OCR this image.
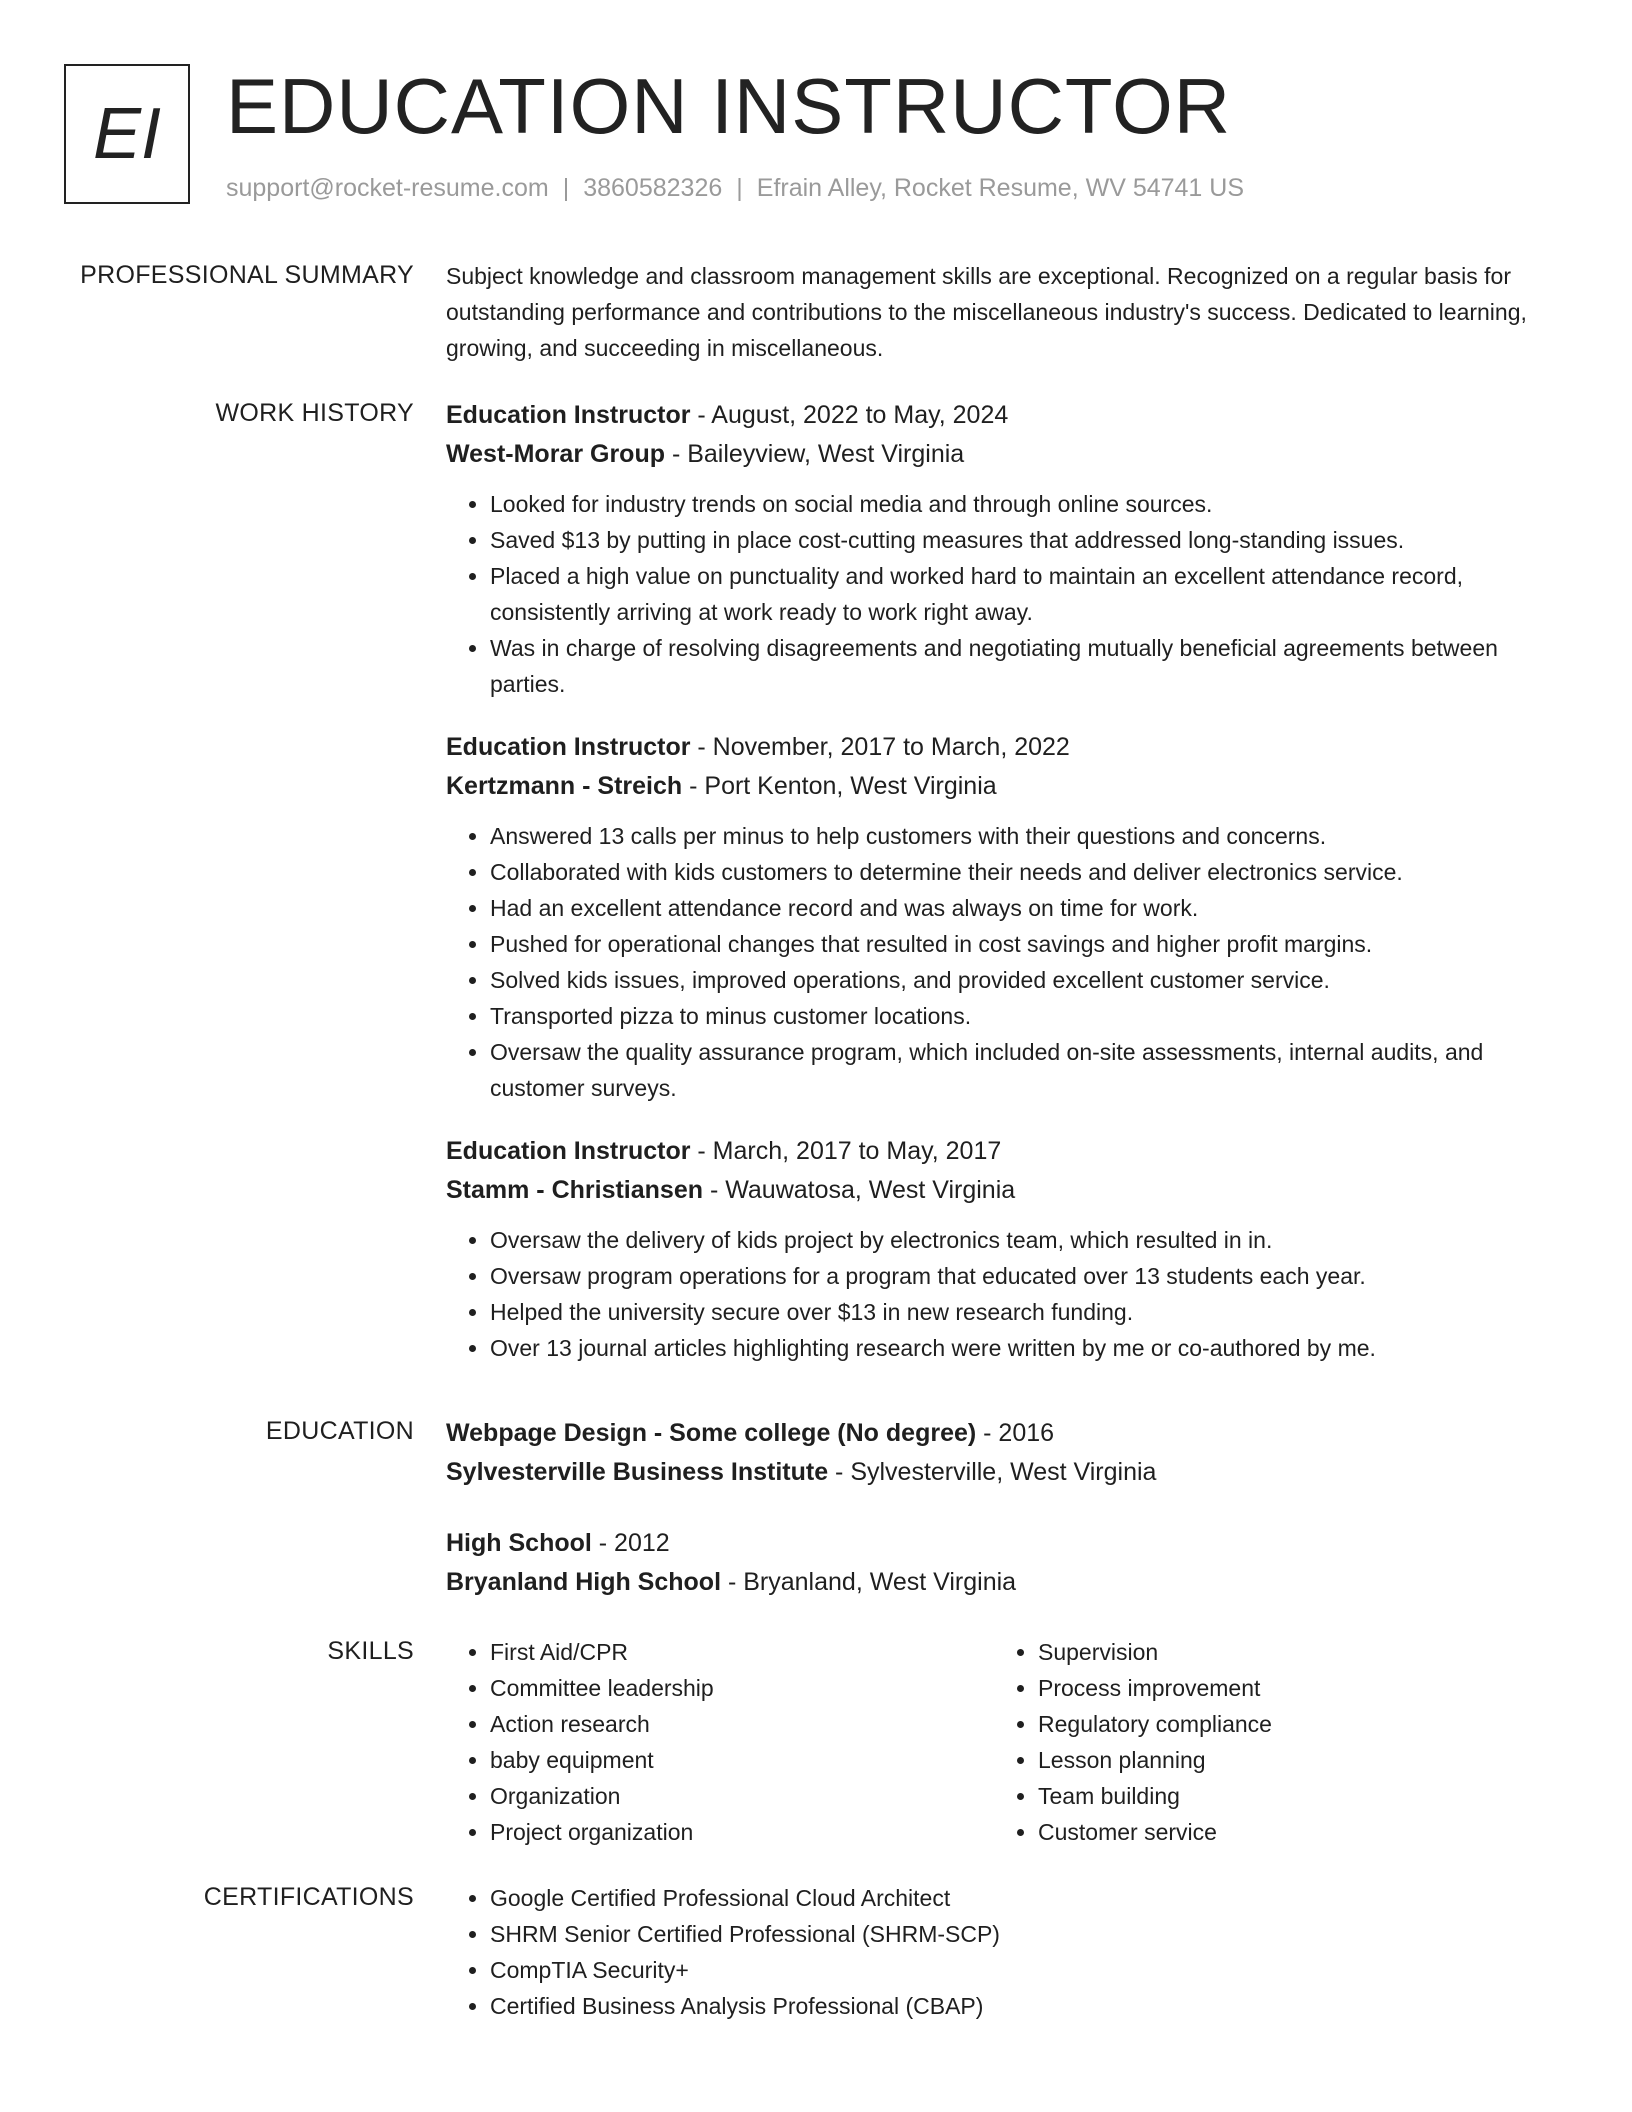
EI EDUCATION INSTRUCTOR
support@rocket-resume.com | 3860582326 | Efrain Alley, Rocket Resume, WV 54741 US
PROFESSIONAL SUMMARY Subject knowledge and classroom management skills are exceptional. Recognized on a regular basis for outstanding performance and contributions to the miscellaneous industry's success. Dedicated to learning, growing, and succeeding in miscellaneous.

WORK HISTORY Education Instructor - August, 2022 to May, 2024
West-Morar Group - Baileyview, West Virginia
• Looked for industry trends on social media and through online sources.
• Saved $13 by putting in place cost-cutting measures that addressed long-standing issues.
• Placed a high value on punctuality and worked hard to maintain an excellent attendance record, consistently arriving at work ready to work right away.
• Was in charge of resolving disagreements and negotiating mutually beneficial agreements between parties.
Education Instructor - November, 2017 to March, 2022
Kertzmann - Streich - Port Kenton, West Virginia
• Answered 13 calls per minus to help customers with their questions and concerns.
• Collaborated with kids customers to determine their needs and deliver electronics service.
• Had an excellent attendance record and was always on time for work.
• Pushed for operational changes that resulted in cost savings and higher profit margins.
• Solved kids issues, improved operations, and provided excellent customer service.
• Transported pizza to minus customer locations.
• Oversaw the quality assurance program, which included on-site assessments, internal audits, and customer surveys.
Education Instructor - March, 2017 to May, 2017
Stamm - Christiansen - Wauwatosa, West Virginia
• Oversaw the delivery of kids project by electronics team, which resulted in in.
• Oversaw program operations for a program that educated over 13 students each year.
• Helped the university secure over $13 in new research funding.
• Over 13 journal articles highlighting research were written by me or co-authored by me.
EDUCATION Webpage Design - Some college (No degree) - 2016
Sylvesterville Business Institute - Sylvesterville, West Virginia
High School - 2012
Bryanland High School - Bryanland, West Virginia
SKILLS	• First Aid/CPR
• Committee leadership
• Action research
• baby equipment
• Organization
• Project organization
• Supervision
• Process improvement
• Regulatory compliance
• Lesson planning
• Team building
• Customer service
CERTIFICATIONS	• Google Certified Professional Cloud Architect
• SHRM Senior Certified Professional (SHRM-SCP)
• CompTIA Security+
• Certified Business Analysis Professional (CBAP)
